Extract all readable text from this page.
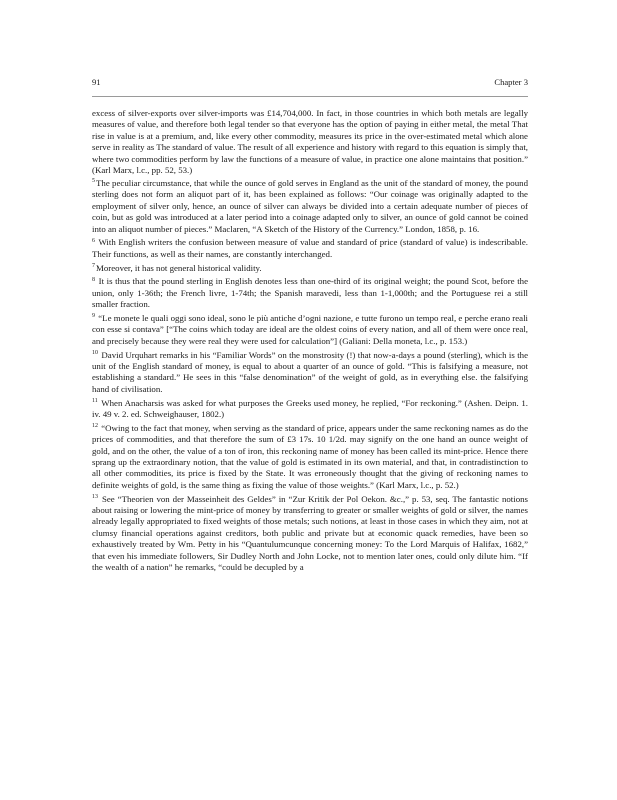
91	Chapter 3

excess of silver-exports over silver-imports was £14,704,000. In fact, in those countries in which both metals are legally measures of value, and therefore both legal tender so that everyone has the option of paying in either metal, the metal That rise in value is at a premium, and, like every other commodity, measures its price in the over-estimated metal which alone serve in reality as The standard of value. The result of all experience and history with regard to this equation is simply that, where two commodities perform by law the functions of a measure of value, in practice one alone maintains that position.” (Karl Marx, l.c., pp. 52, 53.)

$^5$The peculiar circumstance, that while the ounce of gold serves in England as the unit of the standard of money, the pound sterling does not form an aliquot part of it, has been explained as follows: “Our coinage was originally adapted to the employment of silver only, hence, an ounce of silver can always be divided into a certain adequate number of pieces of coin, but as gold was introduced at a later period into a coinage adapted only to silver, an ounce of gold cannot be coined into an aliquot number of pieces.” Maclaren, “A Sketch of the History of the Currency.” London, 1858, p. 16.

$^6$ With English writers the confusion between measure of value and standard of price (standard of value) is indescribable. Their functions, as well as their names, are constantly interchanged.

$^7$Moreover, it has not general historical validity.

$^8$ It is thus that the pound sterling in English denotes less than one-third of its original weight; the pound Scot, before the union, only 1-36th; the French livre, 1-74th; the Spanish maravedi, less than 1-1,000th; and the Portuguese rei a still smaller fraction.

$^9$ “Le monete le quali oggi sono ideal, sono le più antiche d’ogni nazione, e tutte furono un tempo real, e perche erano reali con esse si contava” [“The coins which today are ideal are the oldest coins of every nation, and all of them were once real, and precisely because they were real they were used for calculation”] (Galiani: Della moneta, l.c., p. 153.)

$^{10}$ David Urquhart remarks in his “Familiar Words” on the monstrosity (!) that now-a-days a pound (sterling), which is the unit of the English standard of money, is equal to about a quarter of an ounce of gold. “This is falsifying a measure, not establishing a standard.” He sees in this “false denomination” of the weight of gold, as in everything else. the falsifying hand of civilisation.

$^{11}$ When Anacharsis was asked for what purposes the Greeks used money, he replied, “For reckoning.” (Ashen. Deipn. 1. iv. 49 v. 2. ed. Schweighauser, 1802.)

$^{12}$ “Owing to the fact that money, when serving as the standard of price, appears under the same reckoning names as do the prices of commodities, and that therefore the sum of £3 17s. 10 1/2d. may signify on the one hand an ounce weight of gold, and on the other, the value of a ton of iron, this reckoning name of money has been called its mint-price. Hence there sprang up the extraordinary notion, that the value of gold is estimated in its own material, and that, in contradistinction to all other commodities, its price is fixed by the State. It was erroneously thought that the giving of reckoning names to definite weights of gold, is the same thing as fixing the value of those weights.” (Karl Marx, l.c., p. 52.)

$^{13}$ See “Theorien von der Masseinheit des Geldes” in “Zur Kritik der Pol Oekon. &c.,” p. 53, seq. The fantastic notions about raising or lowering the mint-price of money by transferring to greater or smaller weights of gold or silver, the names already legally appropriated to fixed weights of those metals; such notions, at least in those cases in which they aim, not at clumsy financial operations against creditors, both public and private but at economic quack remedies, have been so exhaustively treated by Wm. Petty in his “Quantulumcunque concerning money: To the Lord Marquis of Halifax, 1682,” that even his immediate followers, Sir Dudley North and John Locke, not to mention later ones, could only dilute him. “If the wealth of a nation” he remarks, “could be decupled by a
